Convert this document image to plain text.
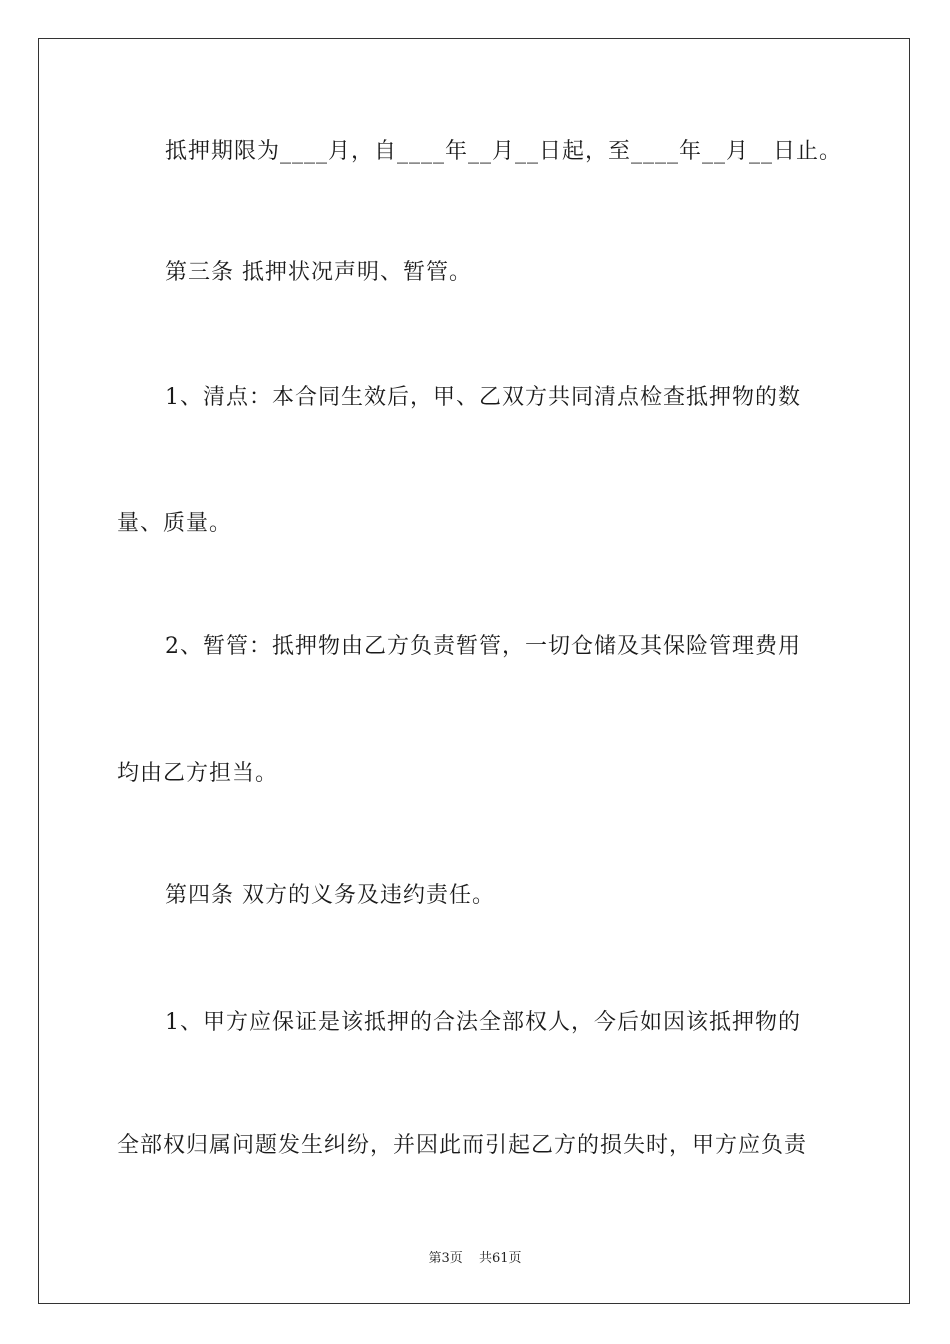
抵押期限为____月，自____年__月__日起，至____年__月__日止。
第三条 抵押状况声明、暂管。
1、清点：本合同生效后，甲、乙双方共同清点检查抵押物的数
量、质量。
2、暂管：抵押物由乙方负责暂管，一切仓储及其保险管理费用
均由乙方担当。
第四条 双方的义务及违约责任。
1、甲方应保证是该抵押的合法全部权人，今后如因该抵押物的
全部权归属问题发生纠纷，并因此而引起乙方的损失时，甲方应负责
第3页 共61页
